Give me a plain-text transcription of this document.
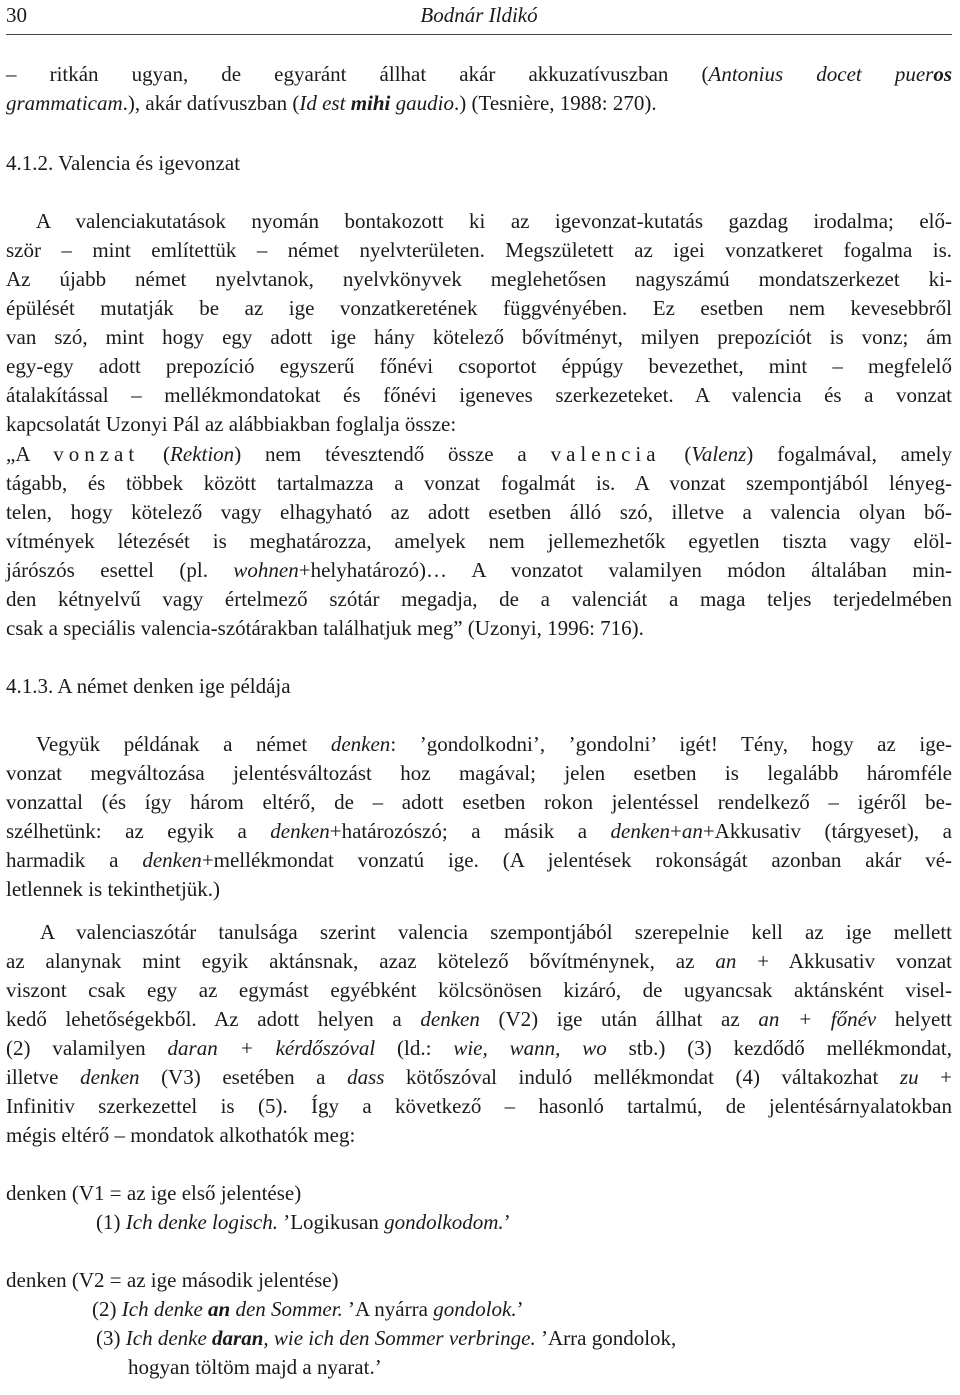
30	Bodnár Ildikó
– ritkán ugyan, de egyaránt állhat akár akkuzatívuszban (Antonius docet pueros
grammaticam.), akár datívuszban (Id est mihi gaudio.) (Tesnière, 1988: 270).
4.1.2. Valencia és igevonzat
A valenciakutatások nyomán bontakozott ki az igevonzat-kutatás gazdag irodalma; elő-
ször – mint említettük – német nyelvterületen. Megszületett az igei vonzatkeret fogalma is.
Az újabb német nyelvtanok, nyelvkönyvek meglehetősen nagyszámú mondatszerkezet ki-
épülését mutatják be az ige vonzatkeretének függvényében. Ez esetben nem kevesebbről
van szó, mint hogy egy adott ige hány kötelező bővítményt, milyen prepozíciót is vonz; ám
egy-egy adott prepozíció egyszerű főnévi csoportot éppúgy bevezethet, mint – megfelelő
átalakítással – mellékmondatokat és főnévi igeneves szerkezeteket. A valencia és a vonzat
kapcsolatát Uzonyi Pál az alábbiakban foglalja össze:
„A vonzat (Rektion) nem tévesztendő össze a valencia (Valenz) fogalmával, amely
tágabb, és többek között tartalmazza a vonzat fogalmát is. A vonzat szempontjából lényeg-
telen, hogy kötelező vagy elhagyható az adott esetben álló szó, illetve a valencia olyan bő-
vítmények létezését is meghatározza, amelyek nem jellemezhetők egyetlen tiszta vagy elöl-
járószós esettel (pl. wohnen+helyhatározó)… A vonzatot valamilyen módon általában min-
den kétnyelvű vagy értelmező szótár megadja, de a valenciát a maga teljes terjedelmében
csak a speciális valencia-szótárakban találhatjuk meg” (Uzonyi, 1996: 716).
4.1.3. A német denken ige példája
Vegyük példának a német denken: ’gondolkodni’, ’gondolni’ igét! Tény, hogy az ige-
vonzat megváltozása jelentésváltozást hoz magával; jelen esetben is legalább háromféle
vonzattal (és így három eltérő, de – adott esetben rokon jelentéssel rendelkező – igéről be-
szélhetünk: az egyik a denken+határozószó; a másik a denken+an+Akkusativ (tárgyeset), a
harmadik a denken+mellékmondat vonzatú ige. (A jelentések rokonságát azonban akár vé-
letlennek is tekinthetjük.)
A valenciaszótár tanulsága szerint valencia szempontjából szerepelnie kell az ige mellett
az alanynak mint egyik aktánsnak, azaz kötelező bővítménynek, az an + Akkusativ vonzat
viszont csak egy az egymást egyébként kölcsönösen kizáró, de ugyancsak aktánsként visel-
kedő lehetőségekből. Az adott helyen a denken (V2) ige után állhat az an + főnév helyett
(2) valamilyen daran + kérdőszóval (ld.: wie, wann, wo stb.) (3) kezdődő mellékmondat,
illetve denken (V3) esetében a dass kötőszóval induló mellékmondat (4) váltakozhat zu +
Infinitiv szerkezettel is (5). Így a következő – hasonló tartalmú, de jelentésárnyalatokban
mégis eltérő – mondatok alkothatók meg:
denken (V1 = az ige első jelentése)
(1) Ich denke logisch. ’Logikusan gondolkodom.’
denken (V2 = az ige második jelentése)
(2) Ich denke an den Sommer. ’A nyárra gondolok.’
(3) Ich denke daran, wie ich den Sommer verbringe. ’Arra gondolok,
hogyan töltöm majd a nyarat.’
